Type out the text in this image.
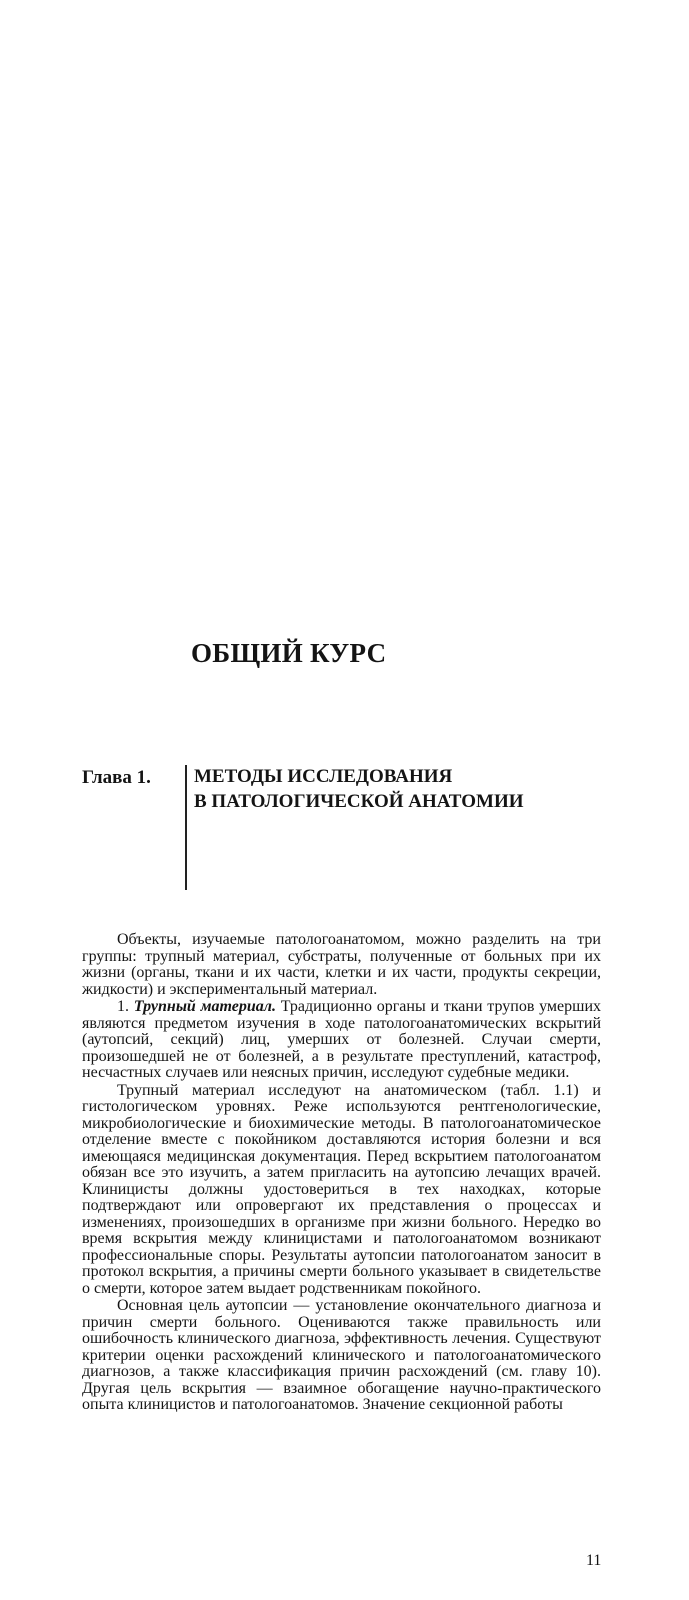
ОБЩИЙ КУРС
Глава 1. МЕТОДЫ ИССЛЕДОВАНИЯ
В ПАТОЛОГИЧЕСКОЙ АНАТОМИИ

Объекты, изучаемые патологоанатомом, можно разделить на три группы: трупный материал, субстраты, полученные от больных при их жизни (органы, ткани и их части, клетки и их части, продукты секреции, жидкости) и экспериментальный материал.

1. Трупный материал. Традиционно органы и ткани трупов умерших являются предметом изучения в ходе патологоанатомических вскрытий (аутопсий, секций) лиц, умерших от болезней. Случаи смерти, произошедшей не от болезней, а в результате преступлений, катастроф, несчастных случаев или неясных причин, исследуют судебные медики.

Трупный материал исследуют на анатомическом (табл. 1.1) и гистологическом уровнях. Реже используются рентгенологические, микробиологические и биохимические методы. В патологоанатомическое отделение вместе с покойником доставляются история болезни и вся имеющаяся медицинская документация. Перед вскрытием патологоанатом обязан все это изучить, а затем пригласить на аутопсию лечащих врачей. Клиницисты должны удостовериться в тех находках, которые подтверждают или опровергают их представления о процессах и изменениях, произошедших в организме при жизни больного. Нередко во время вскрытия между клиницистами и патологоанатомом возникают профессиональные споры. Результаты аутопсии патологоанатом заносит в протокол вскрытия, а причины смерти больного указывает в свидетельстве о смерти, которое затем выдает родственникам покойного.

Основная цель аутопсии — установление окончательного диагноза и причин смерти больного. Оцениваются также правильность или ошибочность клинического диагноза, эффективность лечения. Существуют критерии оценки расхождений клинического и патологоанатомического диагнозов, а также классификация причин расхождений (см. главу 10). Другая цель вскрытия — взаимное обогащение научно-практического опыта клиницистов и патологоанатомов. Значение секционной работы

11
